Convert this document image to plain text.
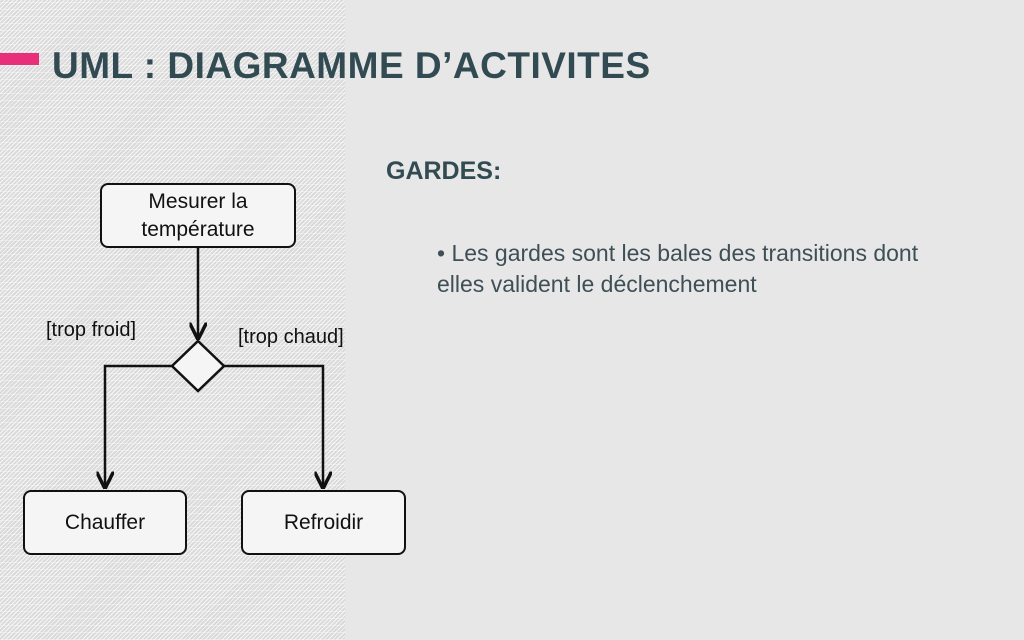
UML : DIAGRAMME D’ACTIVITES
Mesurer la température
Chauffer	Refroidir
[trop froid]	[trop chaud]
GARDES:
• Les gardes sont les bales des transitions dont elles valident le déclenchement
